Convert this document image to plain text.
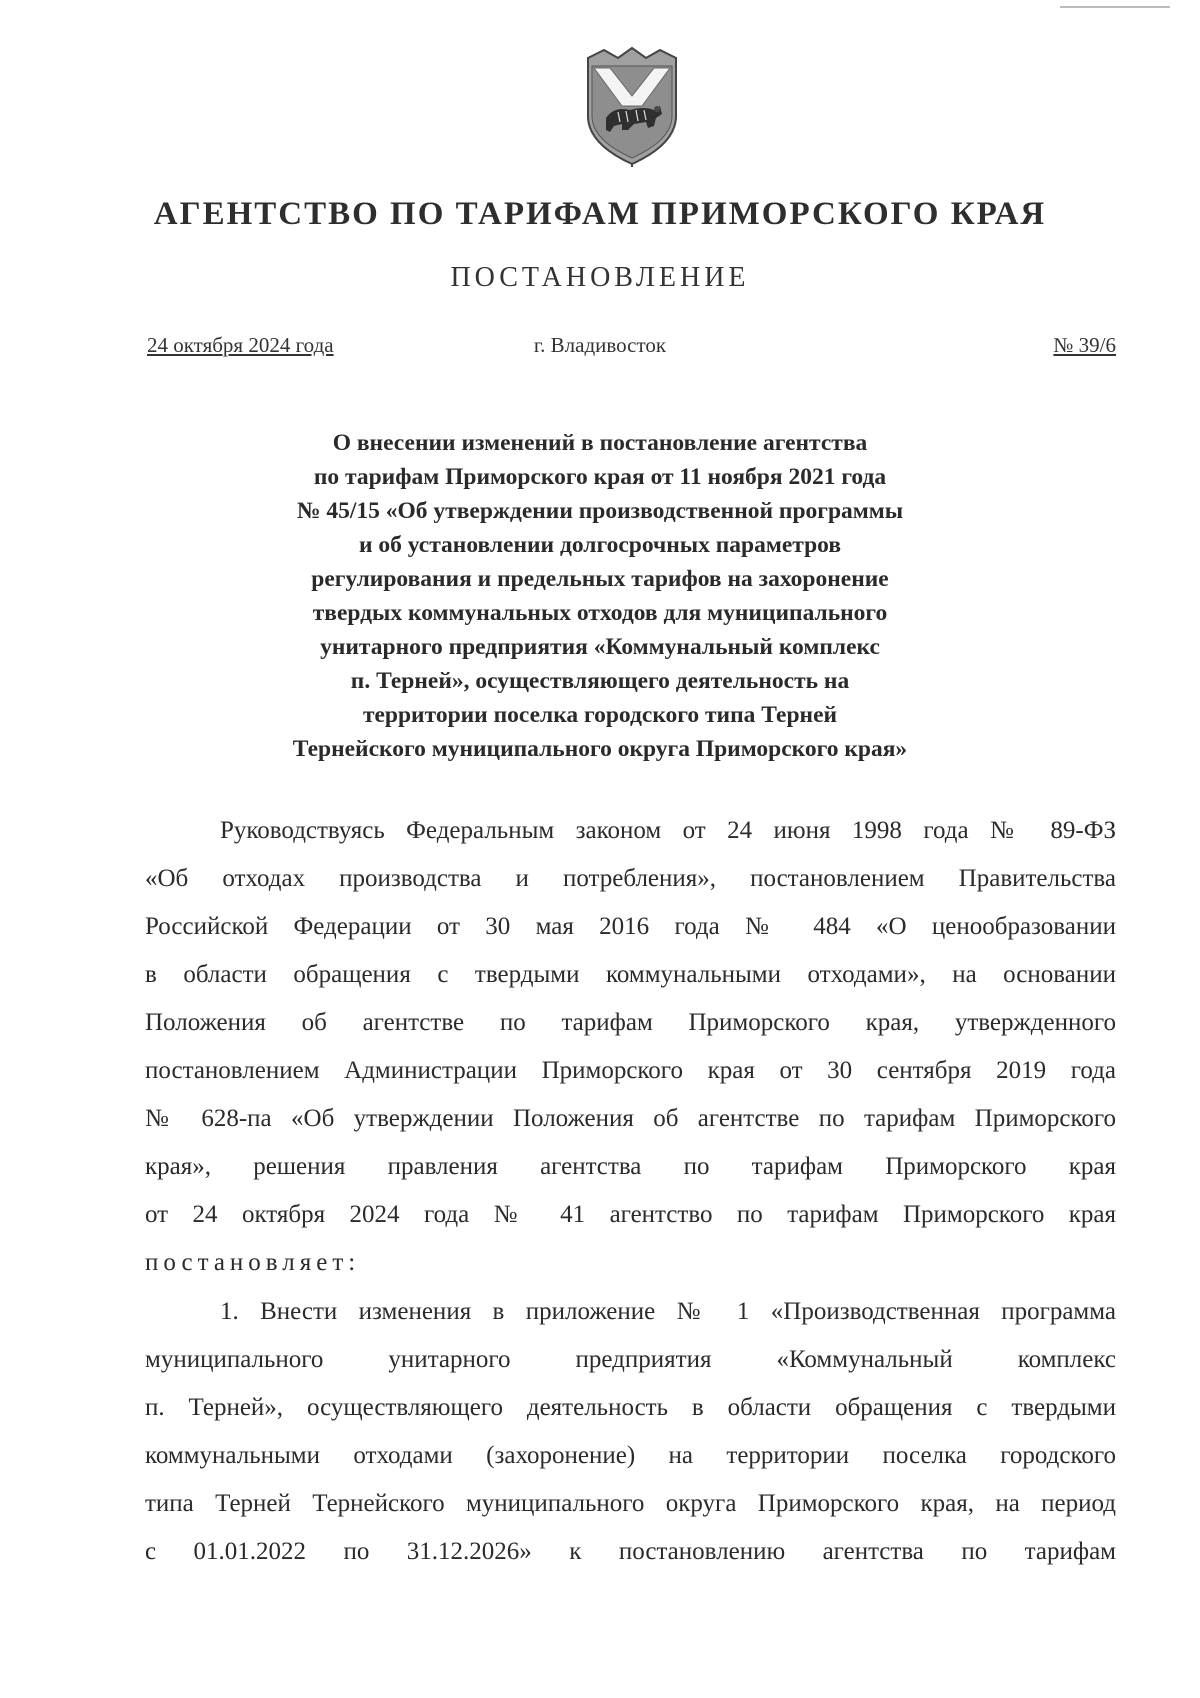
АГЕНТСТВО ПО ТАРИФАМ ПРИМОРСКОГО КРАЯ
ПОСТАНОВЛЕНИЕ
24 октября 2024 года	г. Владивосток	№ 39/6
О внесении изменений в постановление агентства
по тарифам Приморского края от 11 ноября 2021 года
№ 45/15 «Об утверждении производственной программы
и об установлении долгосрочных параметров
регулирования и предельных тарифов на захоронение
твердых коммунальных отходов для муниципального
унитарного предприятия «Коммунальный комплекс
п. Терней», осуществляющего деятельность на
территории поселка городского типа Терней
Тернейского муниципального округа Приморского края»
Руководствуясь Федеральным законом от 24 июня 1998 года № 89-ФЗ
«Об отходах производства и потребления», постановлением Правительства
Российской Федерации от 30 мая 2016 года № 484 «О ценообразовании
в области обращения с твердыми коммунальными отходами», на основании
Положения об агентстве по тарифам Приморского края, утвержденного
постановлением Администрации Приморского края от 30 сентября 2019 года
№ 628-па «Об утверждении Положения об агентстве по тарифам Приморского
края», решения правления агентства по тарифам Приморского края
от 24 октября 2024 года № 41 агентство по тарифам Приморского края
постановляет:
1. Внести изменения в приложение № 1 «Производственная программа
муниципального унитарного предприятия «Коммунальный комплекс
п. Терней», осуществляющего деятельность в области обращения с твердыми
коммунальными отходами (захоронение) на территории поселка городского
типа Терней Тернейского муниципального округа Приморского края, на период
с 01.01.2022 по 31.12.2026» к постановлению агентства по тарифам
